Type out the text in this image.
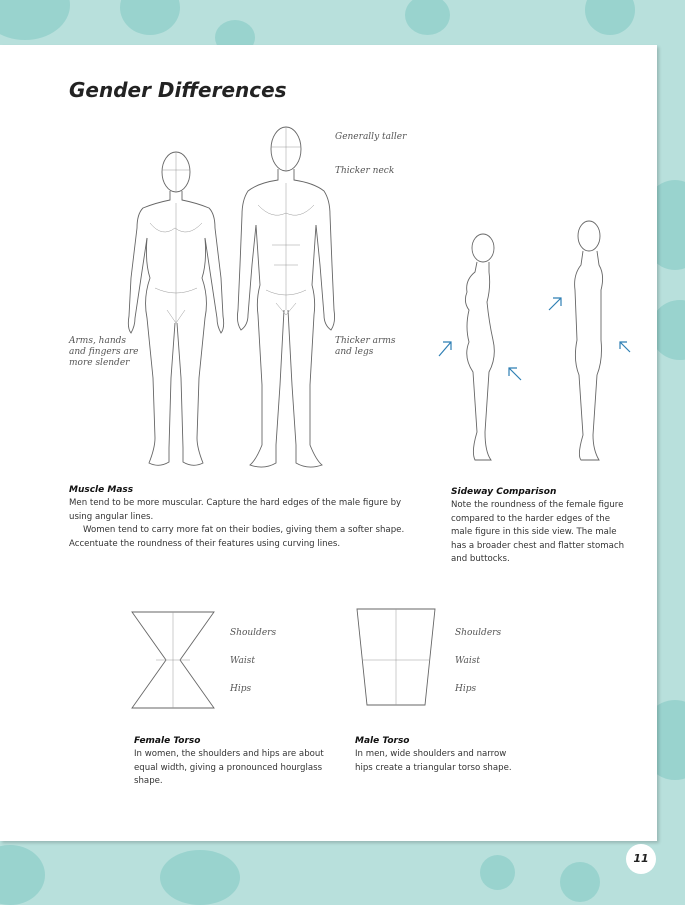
Gender Differences
Generally taller
Thicker neck
Arms, hands
and fingers are
more slender
Thicker arms
and legs
Muscle Mass

Men tend to be more muscular. Capture the hard edges of the male figure by using angular lines.

Women tend to carry more fat on their bodies, giving them a softer shape. Accentuate the roundness of their features using curving lines.

Sideway Comparison
Note the roundness of the female figure compared to the harder edges of the male figure in this side view. The male has a broader chest and flatter stomach and buttocks.
Shoulders
Waist
Hips
Shoulders
Waist
Hips
Female Torso
In women, the shoulders and hips are about equal width, giving a pronounced hourglass shape.
Male Torso
In men, wide shoulders and narrow hips create a triangular torso shape.
11
